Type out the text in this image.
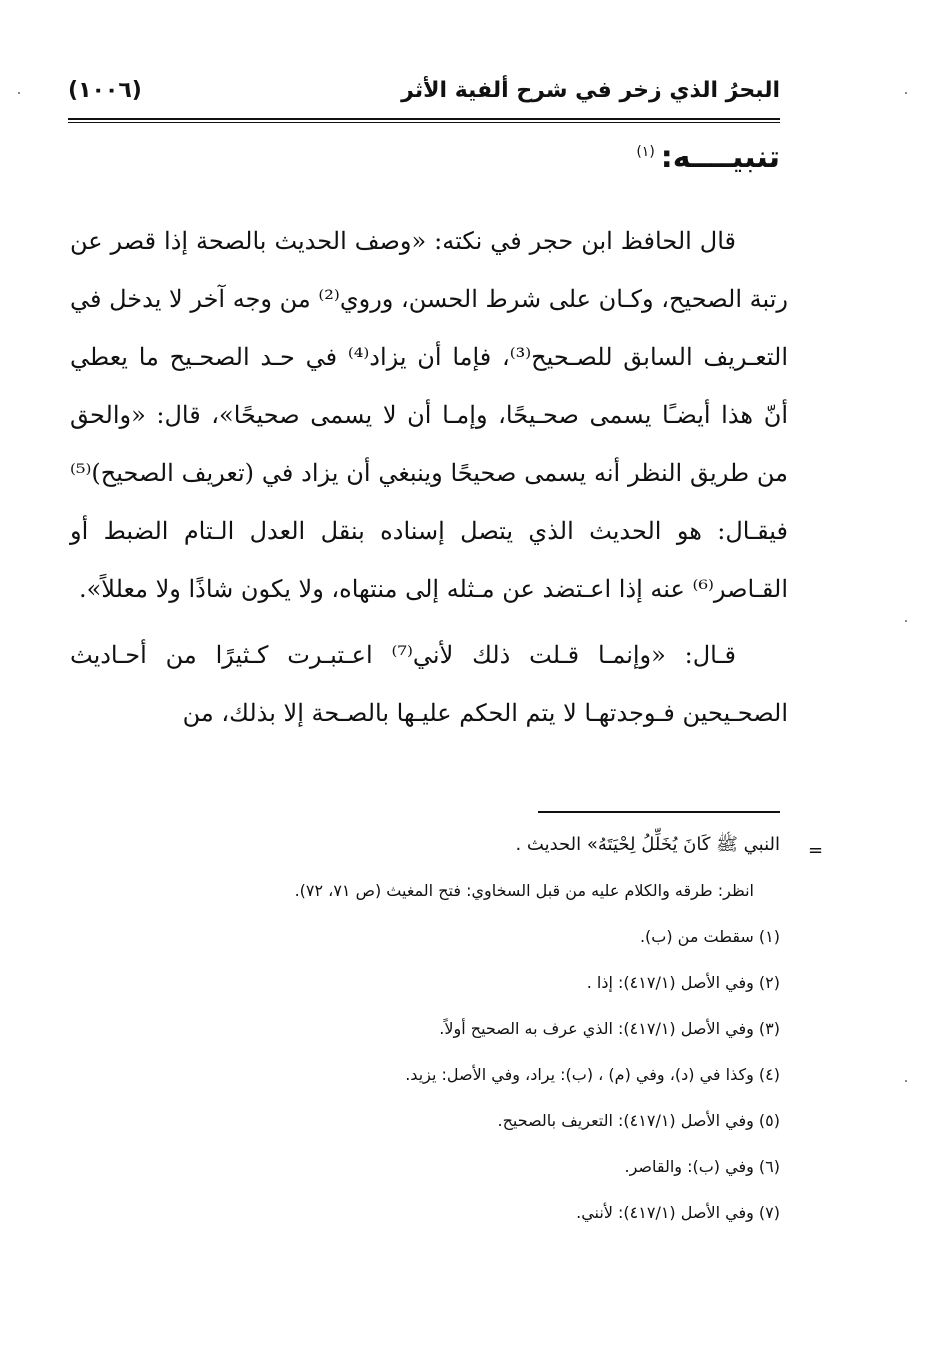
البحرُ الذي زخر في شرح ألفية الأثر
(١٠٠٦)
تنبيــــه:$^{(١)}$

قال الحافظ ابن حجر في نكته: «وصف الحديث بالصحة إذا قصر عن رتبة الصحيح، وكـان على شرط الحسن، وروي⁽²⁾ من وجه آخر لا يدخل في التعـريف السابق للصـحيح⁽³⁾، فإما أن يزاد⁽⁴⁾ في حـد الصحـيح ما يعطي أنّ هذا أيضـًا يسمى صحـيحًا، وإمـا أن لا يسمى صحيحًا»، قال: «والحق من طريق النظر أنه يسمى صحيحًا وينبغي أن يزاد في (تعريف الصحيح)⁽⁵⁾ فيقـال: هو الحديث الذي يتصل إسناده بنقل العدل الـتام الضبط أو القـاصر⁽⁶⁾ عنه إذا اعـتضد عن مـثله إلى منتهاه، ولا يكون شاذًا ولا معللاً».

قـال: «وإنمـا قـلت ذلك لأني⁽⁷⁾ اعـتبـرت كـثيرًا من أحـاديث الصحـيحين فـوجدتهـا لا يتم الحكم عليـها بالصـحة إلا بذلك، من

=
النبي ﷺ كَانَ يُخَلِّلُ لِحْيَتَهُ» الحديث .
انظر: طرقه والكلام عليه من قبل السخاوي: فتح المغيث (ص ٧١، ٧٢).
(١) سقطت من (ب).
(٢) وفي الأصل (٤١٧/١): إذا .
(٣) وفي الأصل (٤١٧/١): الذي عرف به الصحيح أولاً.
(٤) وكذا في (د)، وفي (م) ، (ب): يراد، وفي الأصل: يزيد.
(٥) وفي الأصل (٤١٧/١): التعريف بالصحيح.
(٦) وفي (ب): والقاصر.
(٧) وفي الأصل (٤١٧/١): لأنني.
